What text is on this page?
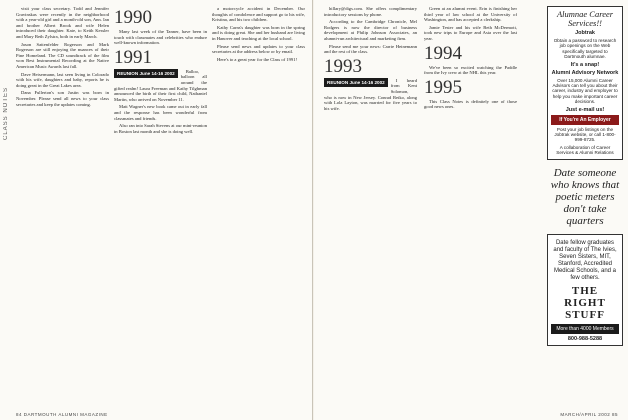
CLASS NOTES

visit your class secretary. Todd and Jennifer Gravinskas were recently in the neighborhood with a year-old girl and a month-old son, Ann. Ian and brother Albert Brook and wife Helen introduced their daughter. Kate, to Keith Kessler and Mary Beth Zylstra, both in early March.

Jason Sattenfelder Rogerson and Mark Rogerson are still enjoying the nuances of their Pine Homeland. The CD soundtrack of the film won Best Instrumental Recording at the Native American Music Awards last fall.

Dave Heisermann, last seen living in Colorado with his wife, daughters and baby, reports he is doing great in the Great Lakes area.

Dana Fullerton's son Justin was born in November. Please send all news to your class secretaries and keep the updates coming.

1990

Many last week of the Tanner, have been in touch with classmates and celebrities who endure well-known information.

1991
REUNION June 14-16 2002	Balloo, balloon all around the gifted realm! Laura Freeman and Kathy Tilghman announced the birth of their first child, Nathaniel Martin, who arrived on November 11.

Matt Wagner's new book came out in early fall and the response has been wonderful from classmates and friends.

Also ran into Sarah Stevens at our mini-reunion in Boston last month and she is doing well.

a motorcycle accident in December. Our thoughts of condolence and support go to his wife, Kristina, and his two children.

Kathy Carns's daughter was born in the spring and is doing great. She and her husband are living in Hanover and teaching at the local school.

Please send news and updates to your class secretaries at the address below or by email.

Here's to a great year for the Class of 1991!

84 DARTMOUTH ALUMNI MAGAZINE

hillary@digs.com. She offers complimentary introductory sessions by phone.

According to the Cambridge Chronicle, Mel Rodgers is now the director of business development at Philip Johnson Associates, an alumni-run architectural and marketing firm.

Please send me your news: Carrie Heinemann and the rest of the class.

1993
REUNION June 14-16 2002	I heard from Kent Solomon, who is now in New Jersey. Conrad Reiko, along with Lola Layton, was married for five years to his wife.

Green at an alumni event. Erin is finishing her third year of law school at the University of Washington, and has accepted a clerkship.

Jamie Tester and his wife Beth McDermott, took new trips to Europe and Asia over the last year.

1994

We've been so excited watching the Paddle from the Ivy crew at the NHL this year.

1995

This Class Notes is definitely one of those good news ones.

Alumnae Career Services!!
Jobtrak
Obtain a password to research job openings on the Web specifically targeted to Dartmouth alumnae.
It's a snap!
Alumni Advisory Network
Over 15,000 Alumni Career Advisors can tell you about their career, industry and employer to help you make important career decisions.
Just e-mail us!
If You're An Employer
Post your job listings on the Jobtrak website, or call 1-800-999-8725.
A collaboration of Career Services & Alumni Relations
Date someone who knows that poetic meters don't take quarters
Date fellow graduates and faculty of The Ivies, Seven Sisters, MIT, Stanford, Accredited Medical Schools, and a few others.
THE RIGHT STUFF
More than 4000 Members
800-988-5288
MARCH/APRIL 2002 85
